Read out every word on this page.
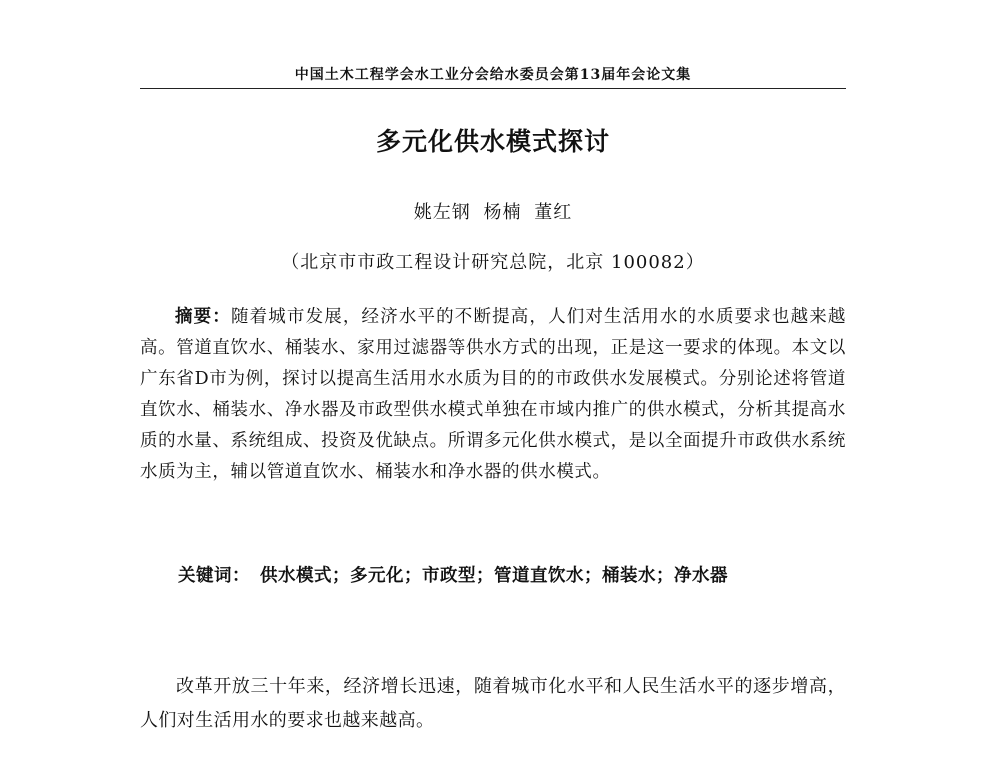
中国土木工程学会水工业分会给水委员会第13届年会论文集
多元化供水模式探讨
姚左钢 杨楠 董红
（北京市市政工程设计研究总院，北京 100082）
摘要：随着城市发展，经济水平的不断提高，人们对生活用水的水质要求也越来越高。管道直饮水、桶装水、家用过滤器等供水方式的出现，正是这一要求的体现。本文以广东省D市为例，探讨以提高生活用水水质为目的的市政供水发展模式。分别论述将管道直饮水、桶装水、净水器及市政型供水模式单独在市域内推广的供水模式，分析其提高水质的水量、系统组成、投资及优缺点。所谓多元化供水模式，是以全面提升市政供水系统水质为主，辅以管道直饮水、桶装水和净水器的供水模式。
关键词： 供水模式；多元化；市政型；管道直饮水；桶装水；净水器
改革开放三十年来，经济增长迅速，随着城市化水平和人民生活水平的逐步增高，人们对生活用水的要求也越来越高。
